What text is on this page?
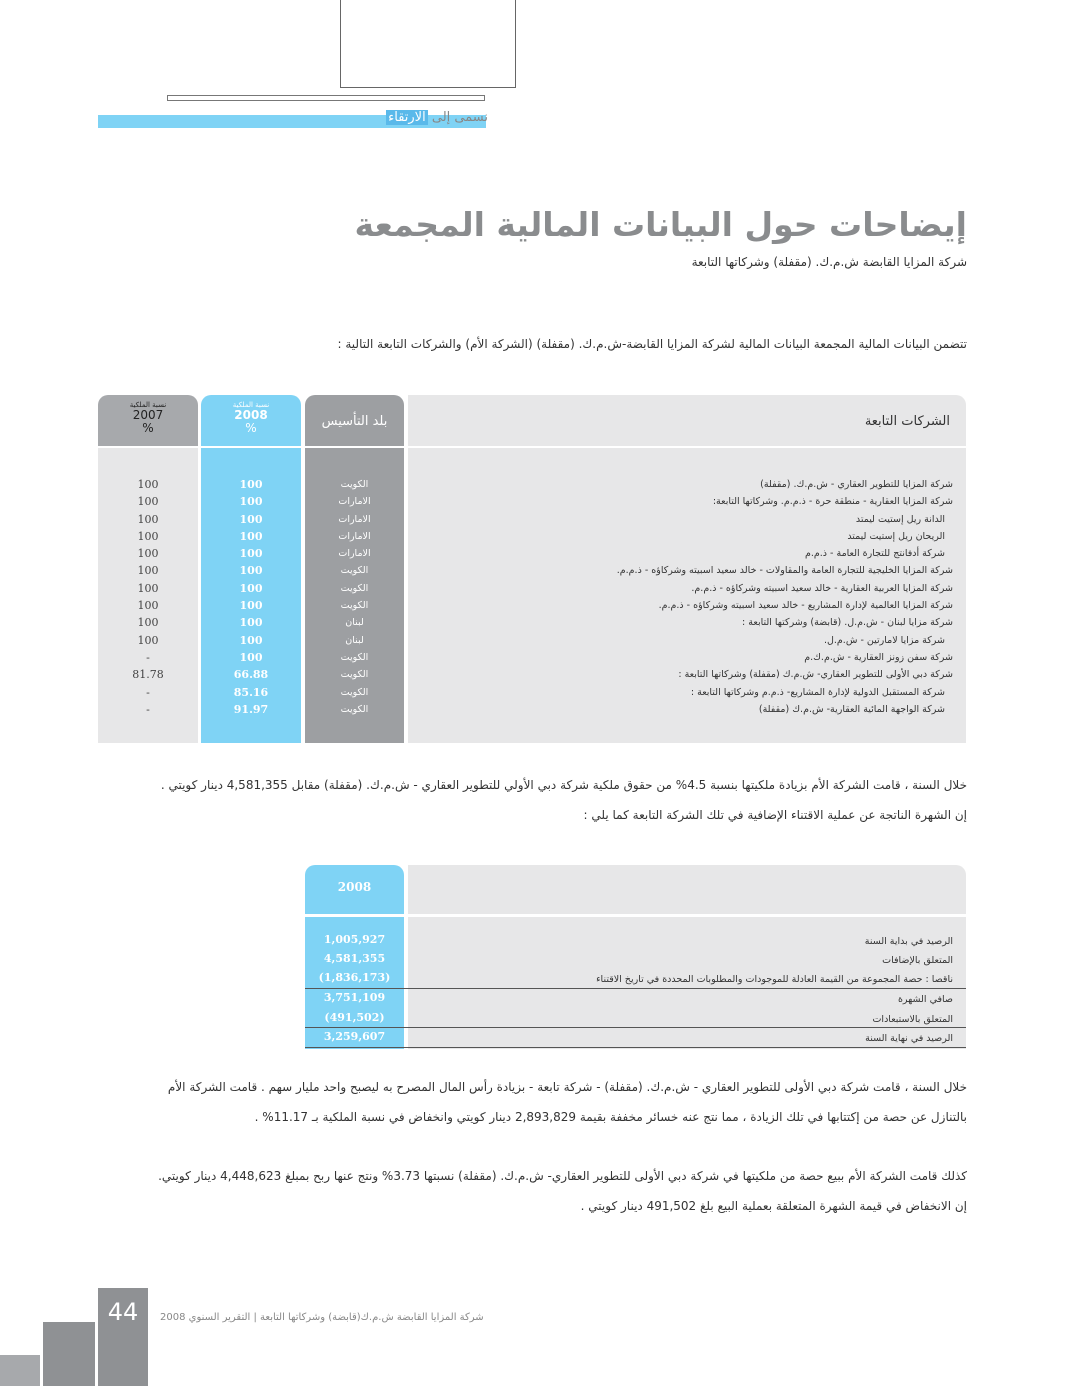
نسمى إلى الارتقاء
إيضاحات حول البيانات المالية المجمعة
شركة المزايا القابضة ش.م.ك. (مقفلة) وشركاتها التابعة
تتضمن البيانات المالية المجمعة البيانات المالية لشركة المزايا القابضة-ش.م.ك. (مقفلة) (الشركة الأم) والشركات التابعة التالية :
الشركات التابعة
بلد التأسيس
نسبة الملكية
2008
%
نسبة الملكية
2007
%
شركة المزايا للتطوير العقاري - ش.م.ك. (مقفلة)
شركة المزايا العقارية - منطقة حرة - ذ.م.م. وشركاتها التابعة:
الدانة ريل إستيت ليمتد
الريحان ريل إستيت ليمتد
شركة أدفانتج للتجارة العامة - ذ.م.م
شركة المزايا الخليجية للتجارة العامة والمقاولات - خالد سعيد اسبيته وشركاؤه - ذ.م.م.
شركة المزايا العربية العقارية - خالد سعيد اسبيته وشركاؤه - ذ.م.م.
شركة المزايا العالمية لإدارة المشاريع - خالد سعيد اسبيته وشركاؤه - ذ.م.م.
شركة مزايا لبنان - ش.م.ل. (قابضة) وشركتها التابعة :
شركة مزايا لامارتين - ش.م.ل.
شركة سفن زونز العقارية - ش.م.ك.م
شركة دبي الأولى للتطوير العقاري- ش.م.ك (مقفلة) وشركاتها التابعة :
شركة المستقبل الدولية لإدارة المشاريع- ذ.م.م وشركاتها التابعة :
شركة الواجهة المائية العقارية- ش.م.ك (مقفلة)
الكويت
الامارات
الامارات
الامارات
الامارات
الكويت
الكويت
الكويت
لبنان
لبنان
الكويت
الكويت
الكويت
الكويت
100
100
100
100
100
100
100
100
100
100
100
66.88
85.16
91.97
100
100
100
100
100
100
100
100
100
100
-
81.78
-
-
خلال السنة ، قامت الشركة الأم بزيادة ملكيتها بنسبة 4.5% من حقوق ملكية شركة دبي الأولي للتطوير العقاري - ش.م.ك. (مقفلة) مقابل 4,581,355 دينار كويتي .
إن الشهرة الناتجة عن عملية الاقتناء الإضافية في تلك الشركة التابعة كما يلي :
2008
الرصيد في بداية السنة
1,005,927
المتعلق بالإضافات
4,581,355
ناقصا : حصة المجموعة من القيمة العادلة للموجودات والمطلوبات المحددة في تاريخ الاقتناء
(1,836,173)
صافي الشهرة
3,751,109
المتعلق بالاستبعادات
(491,502)
الرصيد في نهاية السنة
3,259,607
خلال السنة ، قامت شركة دبي الأولى للتطوير العقاري - ش.م.ك. (مقفلة) - شركة تابعة - بزيادة رأس المال المصرح به ليصبح واحد مليار سهم . قامت الشركة الأم
بالتنازل عن حصة من إكتتابها في تلك الزيادة ، مما نتج عنه خسائر مخففة بقيمة 2,893,829 دينار كويتي وانخفاض في نسبة الملكية بـ 11.17% .
كذلك قامت الشركة الأم ببيع حصة من ملكيتها في شركة دبي الأولى للتطوير العقاري- ش.م.ك. (مقفلة) نسبتها 3.73% ونتج عنها ربح بمبلغ 4,448,623 دينار كويتي.
إن الانخفاض في قيمة الشهرة المتعلقة بعملية البيع بلغ 491,502 دينار كويتي .
44	شركة المزايا القابضة ش.م.ك(قابضة) وشركاتها التابعة | التقرير السنوي 2008
